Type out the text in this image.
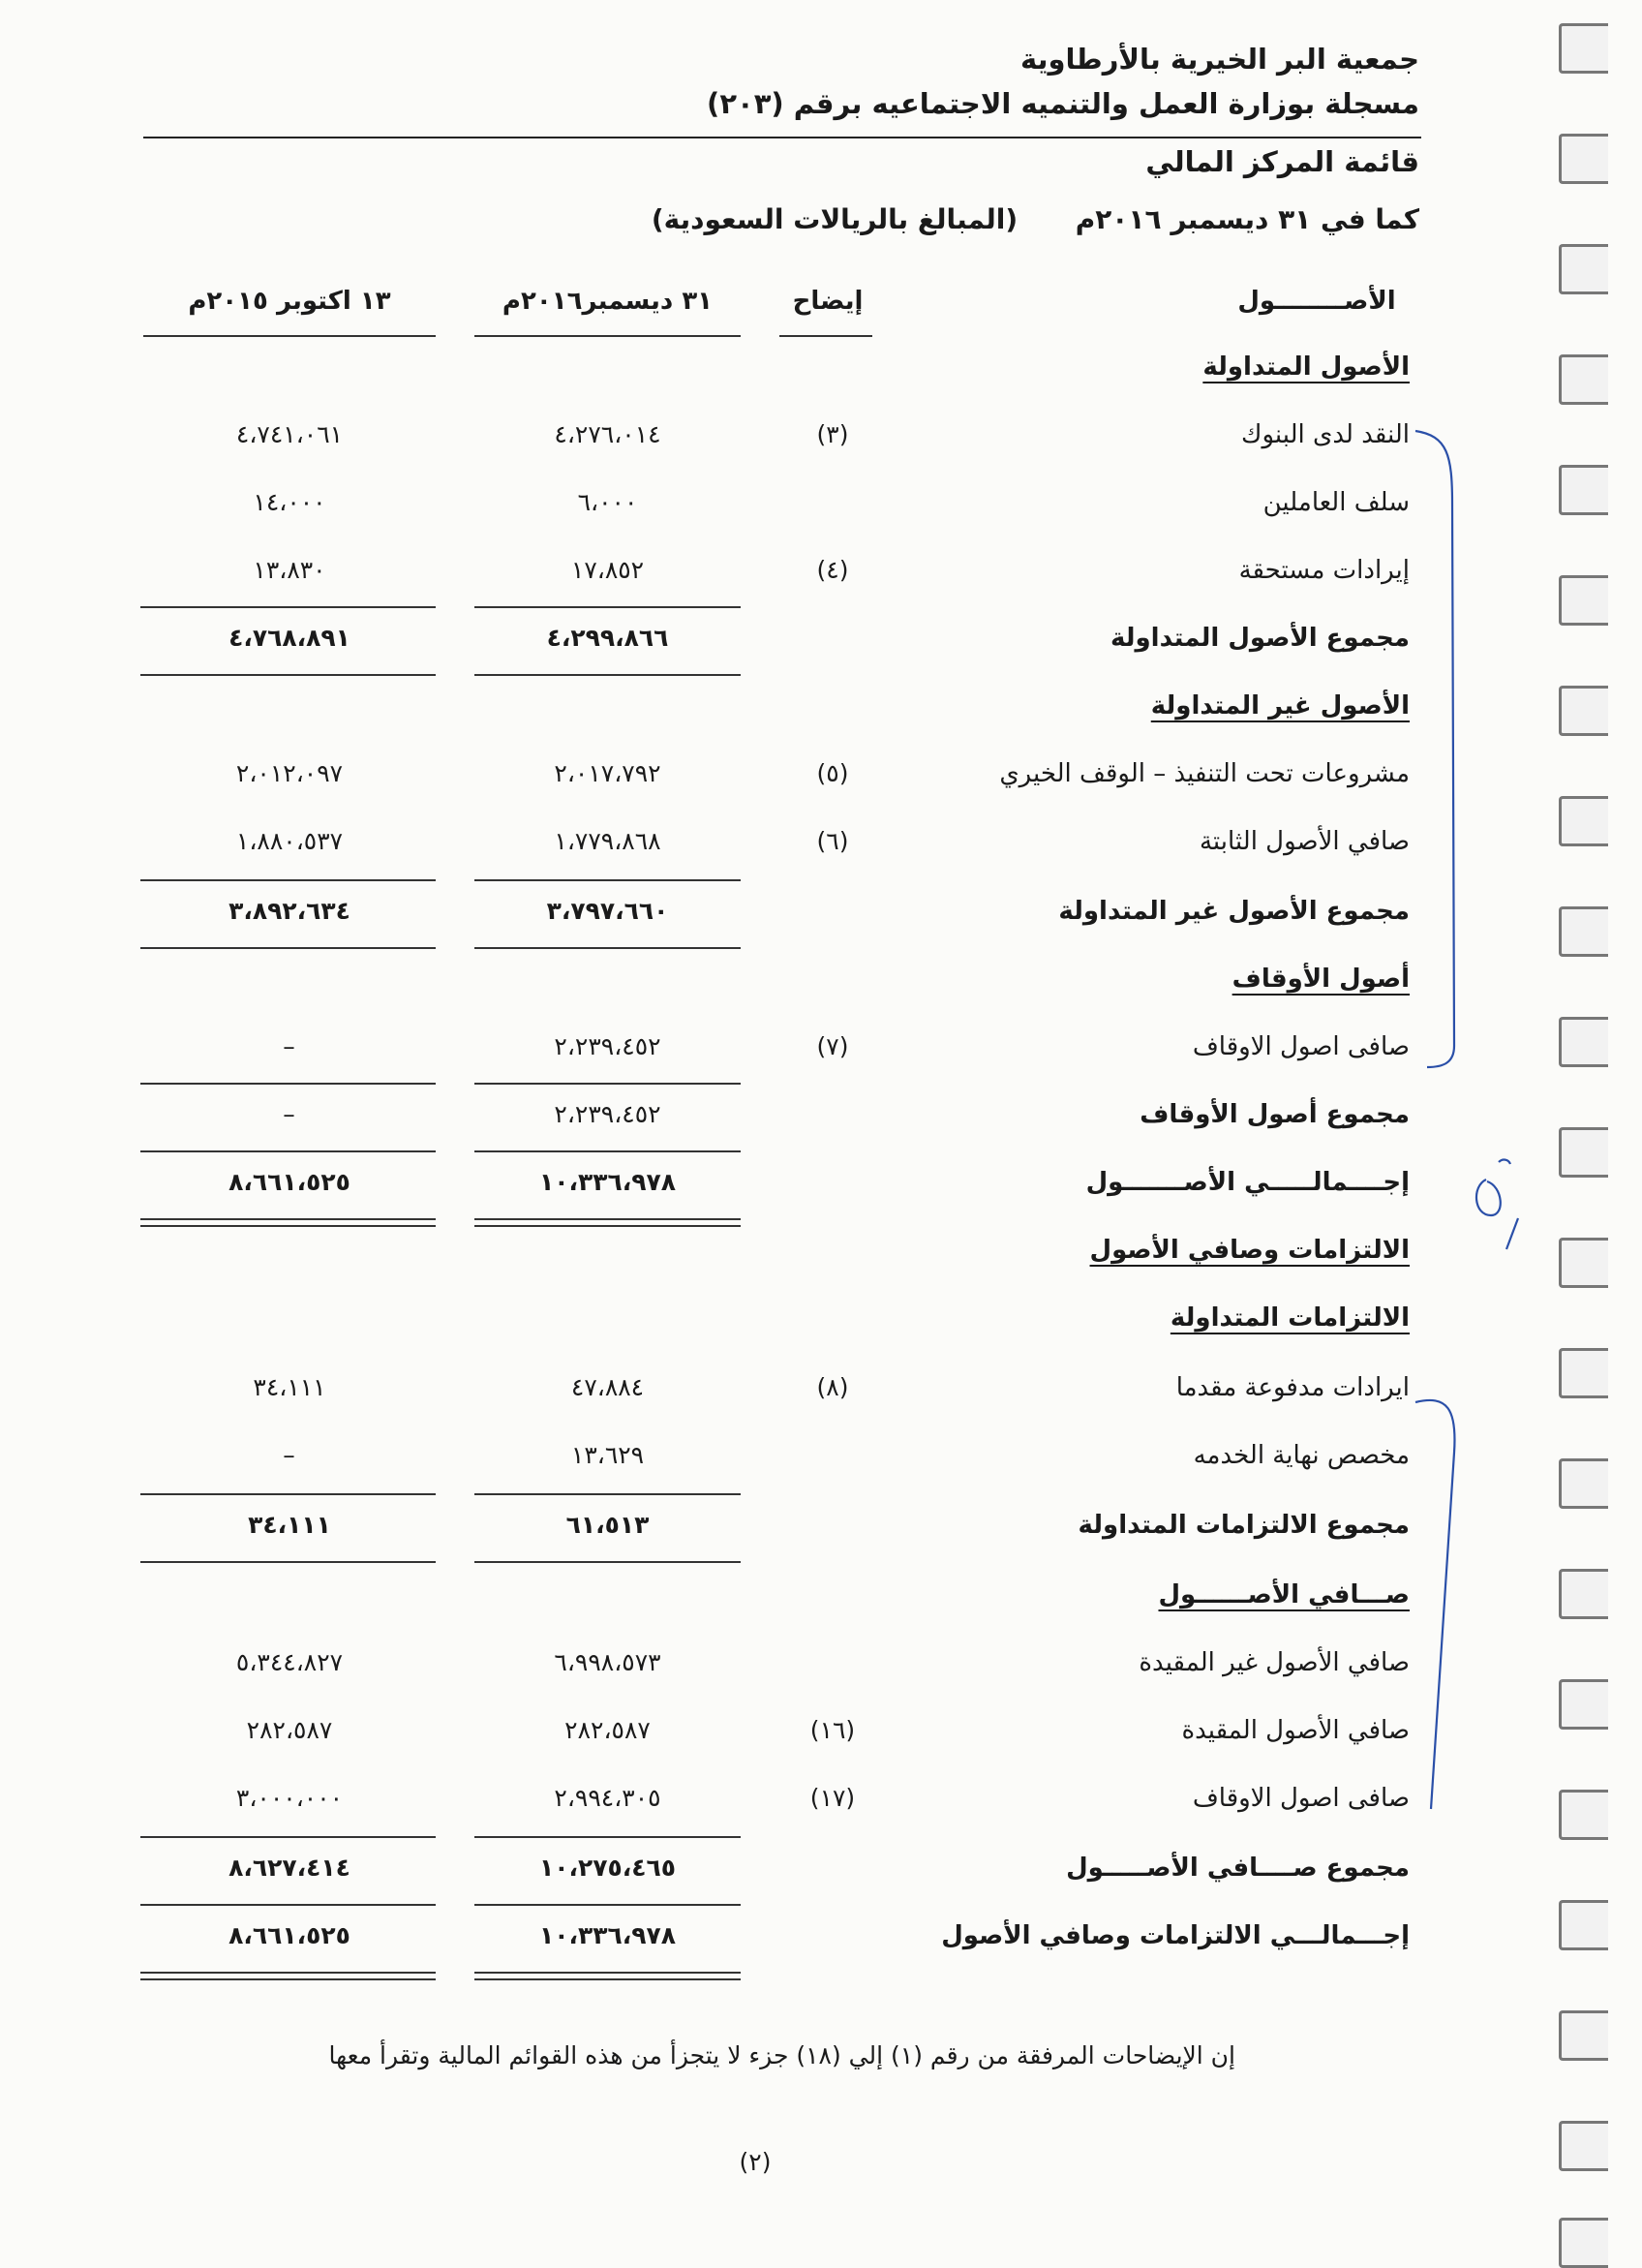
جمعية البر الخيرية بالأرطاوية
مسجلة بوزارة العمل والتنميه الاجتماعيه برقم (٢٠٣)
قائمة المركز المالي
كما في ٣١ ديسمبر ٢٠١٦م  (المبالغ بالريالات السعودية)
الأصــــــــول
إيضاح
٣١ ديسمبر٢٠١٦م
١٣ اكتوبر ٢٠١٥م
الأصول المتداولة
النقد لدى البنوك
(٣)
٤،٢٧٦،٠١٤
٤،٧٤١،٠٦١
سلف العاملين
٦،٠٠٠
١٤،٠٠٠
إيرادات مستحقة
(٤)
١٧،٨٥٢
١٣،٨٣٠
مجموع الأصول المتداولة
٤،٢٩٩،٨٦٦
٤،٧٦٨،٨٩١
الأصول غير المتداولة
مشروعات تحت التنفيذ – الوقف الخيري
(٥)
٢،٠١٧،٧٩٢
٢،٠١٢،٠٩٧
صافي الأصول الثابتة
(٦)
١،٧٧٩،٨٦٨
١،٨٨٠،٥٣٧
مجموع الأصول غير المتداولة
٣،٧٩٧،٦٦٠
٣،٨٩٢،٦٣٤
أصول الأوقاف
صافى اصول الاوقاف
(٧)
٢،٢٣٩،٤٥٢
–
مجموع أصول الأوقاف
٢،٢٣٩،٤٥٢
–
إجــــمالـــــي الأصـــــــول
١٠،٣٣٦،٩٧٨
٨،٦٦١،٥٢٥
الالتزامات وصافي الأصول
الالتزامات المتداولة
ايرادات مدفوعة مقدما
(٨)
٤٧،٨٨٤
٣٤،١١١
مخصص نهاية الخدمه
١٣،٦٢٩
–
مجموع الالتزامات المتداولة
٦١،٥١٣
٣٤،١١١
صـــافي الأصــــــول
صافي الأصول غير المقيدة
٦،٩٩٨،٥٧٣
٥،٣٤٤،٨٢٧
صافي الأصول المقيدة
(١٦)
٢٨٢،٥٨٧
٢٨٢،٥٨٧
صافى اصول الاوقاف
(١٧)
٢،٩٩٤،٣٠٥
٣،٠٠٠،٠٠٠
مجموع صــــافي الأصـــــول
١٠،٢٧٥،٤٦٥
٨،٦٢٧،٤١٤
إجـــمالـــي الالتزامات وصافي الأصول
١٠،٣٣٦،٩٧٨
٨،٦٦١،٥٢٥
إن الإيضاحات المرفقة من رقم (١) إلي (١٨) جزء لا يتجزأ من هذه القوائم المالية وتقرأ معها
(٢)
